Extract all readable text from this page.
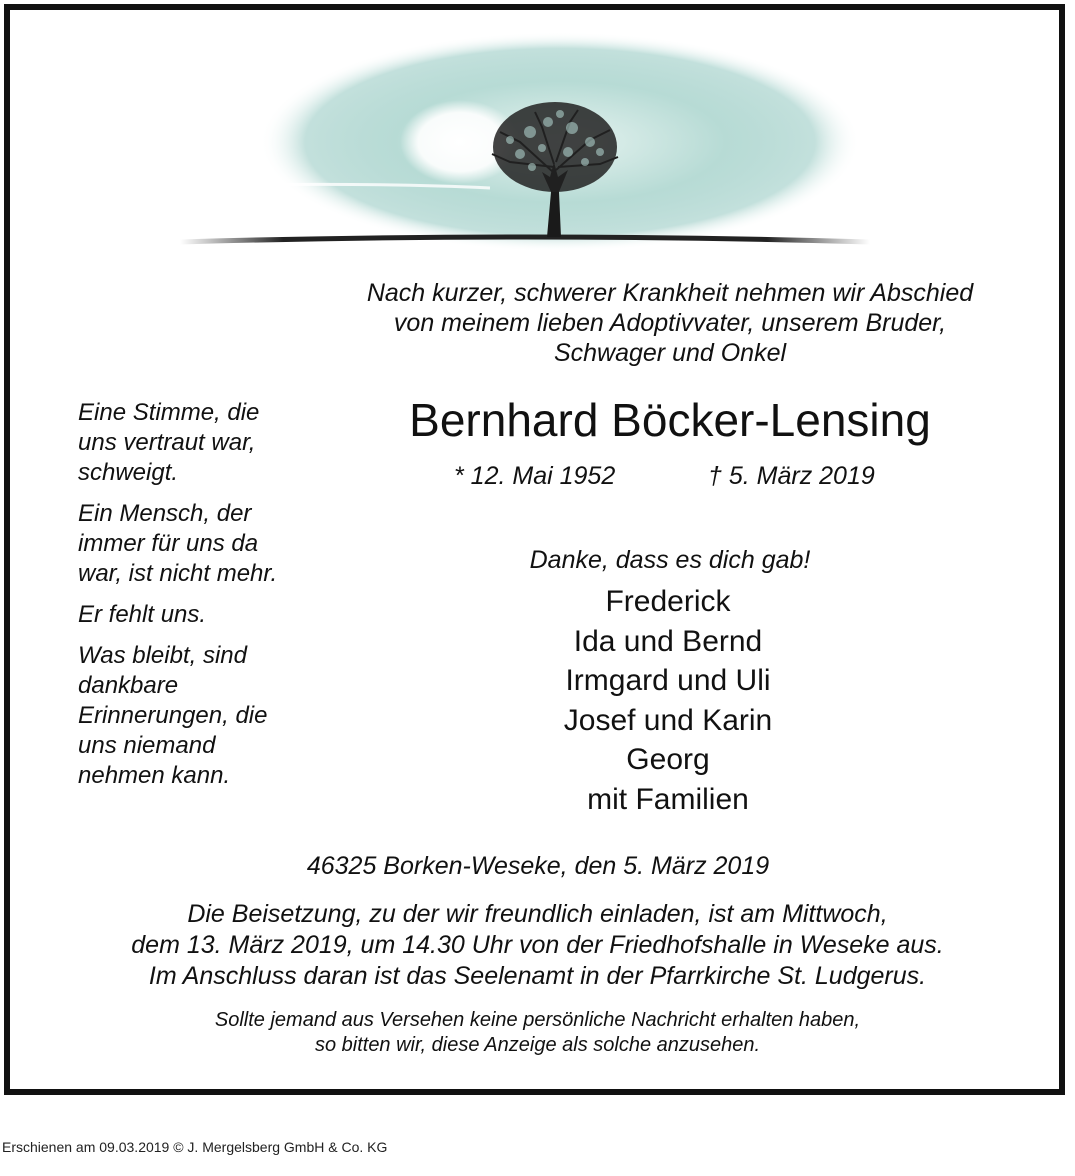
Nach kurzer, schwerer Krankheit nehmen wir Abschied
von meinem lieben Adoptivvater, unserem Bruder,
Schwager und Onkel

Eine Stimme, die
uns vertraut war,
schweigt.

Ein Mensch, der
immer für uns da
war, ist nicht mehr.

Er fehlt uns.

Was bleibt, sind
dankbare
Erinnerungen, die
uns niemand
nehmen kann.

Bernhard Böcker-Lensing
* 12. Mai 1952	† 5. März 2019
Danke, dass es dich gab!
Frederick
Ida und Bernd
Irmgard und Uli
Josef und Karin
Georg
mit Familien
46325 Borken-Weseke, den 5. März 2019
Die Beisetzung, zu der wir freundlich einladen, ist am Mittwoch,
dem 13. März 2019, um 14.30 Uhr von der Friedhofshalle in Weseke aus.
Im Anschluss daran ist das Seelenamt in der Pfarrkirche St. Ludgerus.
Sollte jemand aus Versehen keine persönliche Nachricht erhalten haben,
so bitten wir, diese Anzeige als solche anzusehen.
Erschienen am 09.03.2019 © J. Mergelsberg GmbH & Co. KG
